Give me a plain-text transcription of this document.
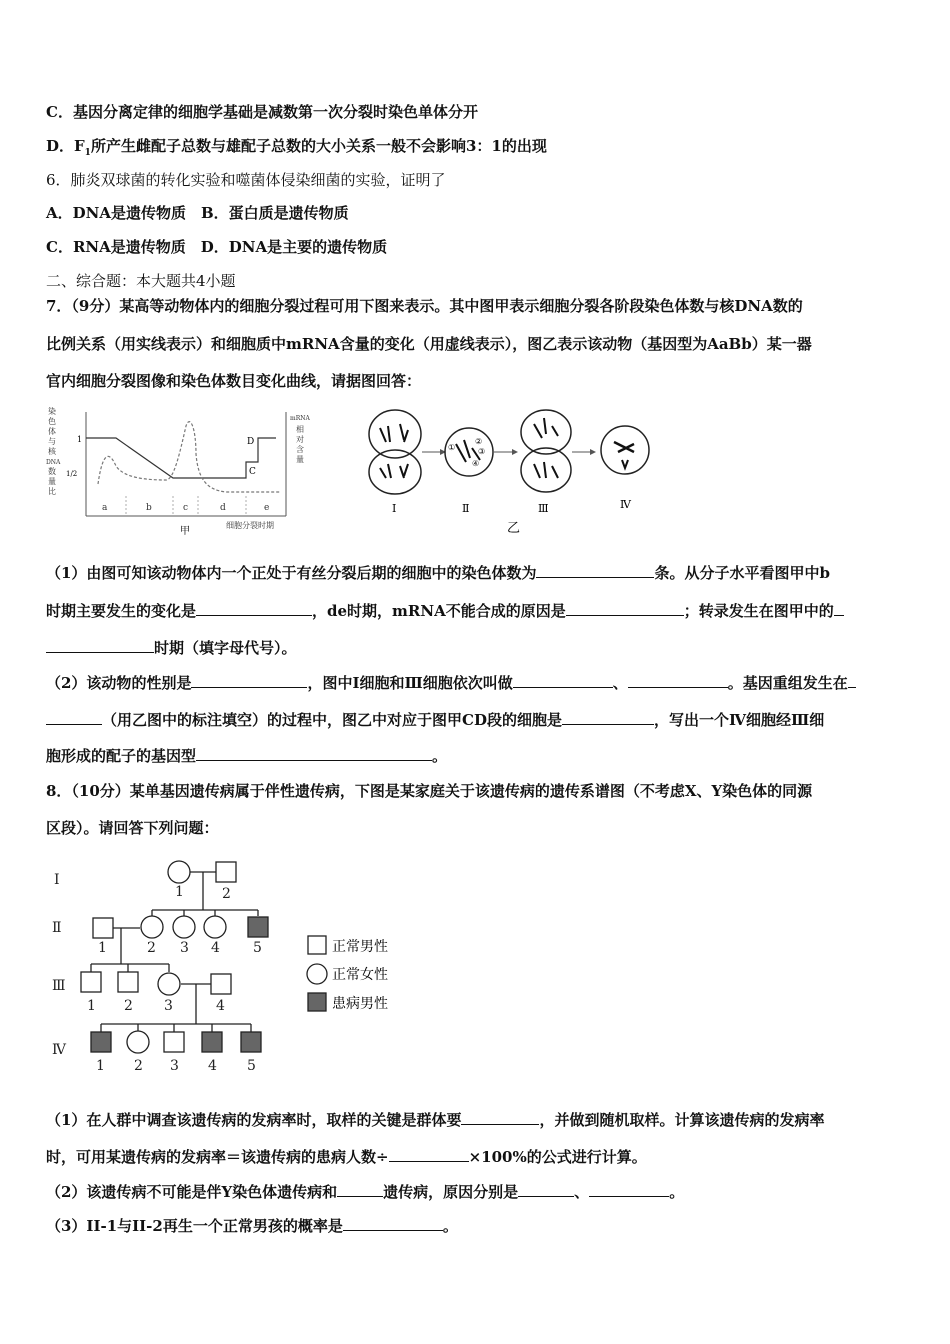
C．基因分离定律的细胞学基础是减数第一次分裂时染色单体分开
D．$F_1$所产生雌配子总数与雄配子总数的大小关系一般不会影响3：1的出现
6．肺炎双球菌的转化实验和噬菌体侵染细菌的实验，证明了
A．DNA是遗传物质　B．蛋白质是遗传物质
C．RNA是遗传物质　D．DNA是主要的遗传物质
二、综合题：本大题共4小题
7．（9分）某高等动物体内的细胞分裂过程可用下图来表示。其中图甲表示细胞分裂各阶段染色体数与核DNA数的
比例关系（用实线表示）和细胞质中mRNA含量的变化（用虚线表示），图乙表示该动物（基因型为AaBb）某一器
官内细胞分裂图像和染色体数目变化曲线，请据图回答：
染
色
体
与
核
DNA
数
量
比
1
1/2
a	b	c	d	e
C
D
mRNA
相
对
含
量
甲
细胞分裂时期
Ⅰ
②
③
①
④
Ⅱ	Ⅲ	Ⅳ
乙
（1）由图可知该动物体内一个正处于有丝分裂后期的细胞中的染色体数为	条。从分子水平看图甲中b
时期主要发生的变化是	，de时期，mRNA不能合成的原因是	；转录发生在图甲中的
时期（填字母代号）。
（2）该动物的性别是	，图中Ⅰ细胞和Ⅲ细胞依次叫做	、	。基因重组发生在
（用乙图中的标注填空）的过程中，图乙中对应于图甲CD段的细胞是	，写出一个Ⅳ细胞经Ⅲ细
胞形成的配子的基因型	。
8．（10分）某单基因遗传病属于伴性遗传病，下图是某家庭关于该遗传病的遗传系谱图（不考虑X、Y染色体的同源
区段）。请回答下列问题：
Ⅰ
Ⅱ
Ⅲ
Ⅳ
1	2
1	2 3 4 5
1 2 3	4
1 2 3 4 5
正常男性
正常女性
患病男性
（1）在人群中调查该遗传病的发病率时，取样的关键是群体要	，并做到随机取样。计算该遗传病的发病率
时，可用某遗传病的发病率＝该遗传病的患病人数÷	×100%的公式进行计算。
（2）该遗传病不可能是伴Y染色体遗传病和	遗传病，原因分别是	、	。
（3）II-1与II-2再生一个正常男孩的概率是	。
